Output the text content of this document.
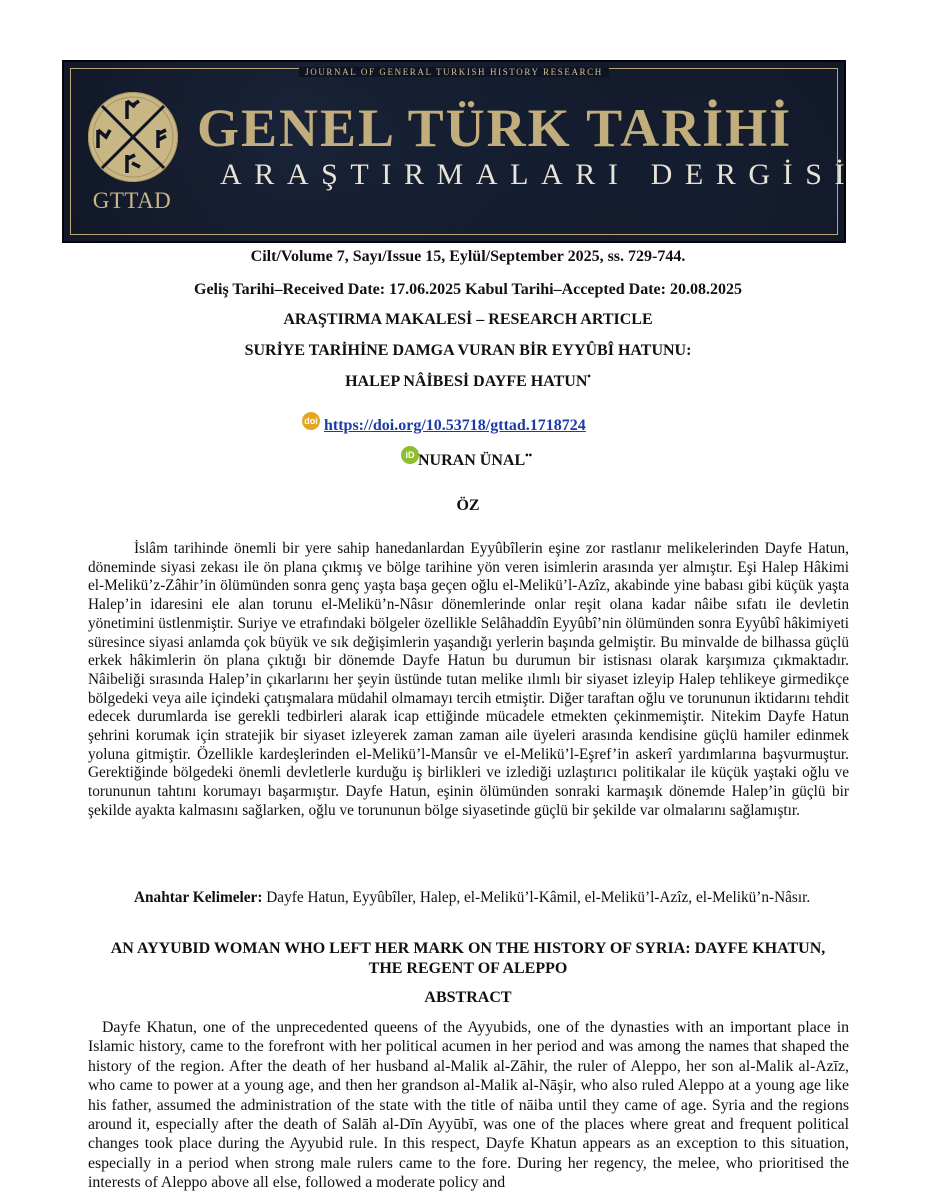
JOURNAL OF GENERAL TURKISH HISTORY RESEARCH
GTTAD
GENEL TÜRK TARİHİ
ARAŞTIRMALARI DERGİSİ
Cilt/Volume 7, Sayı/Issue 15, Eylül/September 2025, ss. 729-744.
Geliş Tarihi–Received Date: 17.06.2025 Kabul Tarihi–Accepted Date: 20.08.2025
ARAŞTIRMA MAKALESİ – RESEARCH ARTICLE
SURİYE TARİHİNE DAMGA VURAN BİR EYYÛBÎ HATUNU:
HALEP NÂİBESİ DAYFE HATUN•
doi https://doi.org/10.53718/gttad.1718724
iD NURAN ÜNAL••
ÖZ

İslâm tarihinde önemli bir yere sahip hanedanlardan Eyyûbîlerin eşine zor rastlanır melikelerinden Dayfe Hatun, döneminde siyasi zekası ile ön plana çıkmış ve bölge tarihine yön veren isimlerin arasında yer almıştır. Eşi Halep Hâkimi el-Melikü’z-Zâhir’in ölümünden sonra genç yaşta başa geçen oğlu el-Melikü’l-Azîz, akabinde yine babası gibi küçük yaşta Halep’in idaresini ele alan torunu el-Melikü’n-Nâsır dönemlerinde onlar reşit olana kadar nâibe sıfatı ile devletin yönetimini üstlenmiştir. Suriye ve etrafındaki bölgeler özellikle Selâhaddîn Eyyûbî’nin ölümünden sonra Eyyûbî hâkimiyeti süresince siyasi anlamda çok büyük ve sık değişimlerin yaşandığı yerlerin başında gelmiştir. Bu minvalde de bilhassa güçlü erkek hâkimlerin ön plana çıktığı bir dönemde Dayfe Hatun bu durumun bir istisnası olarak karşımıza çıkmaktadır. Nâibeliği sırasında Halep’in çıkarlarını her şeyin üstünde tutan melike ılımlı bir siyaset izleyip Halep tehlikeye girmedikçe bölgedeki veya aile içindeki çatışmalara müdahil olmamayı tercih etmiştir. Diğer taraftan oğlu ve torununun iktidarını tehdit edecek durumlarda ise gerekli tedbirleri alarak icap ettiğinde mücadele etmekten çekinmemiştir. Nitekim Dayfe Hatun şehrini korumak için stratejik bir siyaset izleyerek zaman zaman aile üyeleri arasında kendisine güçlü hamiler edinmek yoluna gitmiştir. Özellikle kardeşlerinden el-Melikü’l-Mansûr ve el-Melikü’l-Eşref’in askerî yardımlarına başvurmuştur. Gerektiğinde bölgedeki önemli devletlerle kurduğu iş birlikleri ve izlediği uzlaştırıcı politikalar ile küçük yaştaki oğlu ve torununun tahtını korumayı başarmıştır. Dayfe Hatun, eşinin ölümünden sonraki karmaşık dönemde Halep’in güçlü bir şekilde ayakta kalmasını sağlarken, oğlu ve torununun bölge siyasetinde güçlü bir şekilde var olmalarını sağlamıştır.

Anahtar Kelimeler: Dayfe Hatun, Eyyûbîler, Halep, el-Melikü’l-Kâmil, el-Melikü’l-Azîz, el-Melikü’n-Nâsır.

AN AYYUBID WOMAN WHO LEFT HER MARK ON THE HISTORY OF SYRIA: DAYFE KHATUN, THE REGENT OF ALEPPO
ABSTRACT

Dayfe Khatun, one of the unprecedented queens of the Ayyubids, one of the dynasties with an important place in Islamic history, came to the forefront with her political acumen in her period and was among the names that shaped the history of the region. After the death of her husband al-Malik al-Zāhir, the ruler of Aleppo, her son al-Malik al-Azīz, who came to power at a young age, and then her grandson al-Malik al-Nāşir, who also ruled Aleppo at a young age like his father, assumed the administration of the state with the title of nāiba until they came of age. Syria and the regions around it, especially after the death of Salāh al-Dīn Ayyūbī, was one of the places where great and frequent political changes took place during the Ayyubid rule. In this respect, Dayfe Khatun appears as an exception to this situation, especially in a period when strong male rulers came to the fore. During her regency, the melee, who prioritised the interests of Aleppo above all else, followed a moderate policy and
